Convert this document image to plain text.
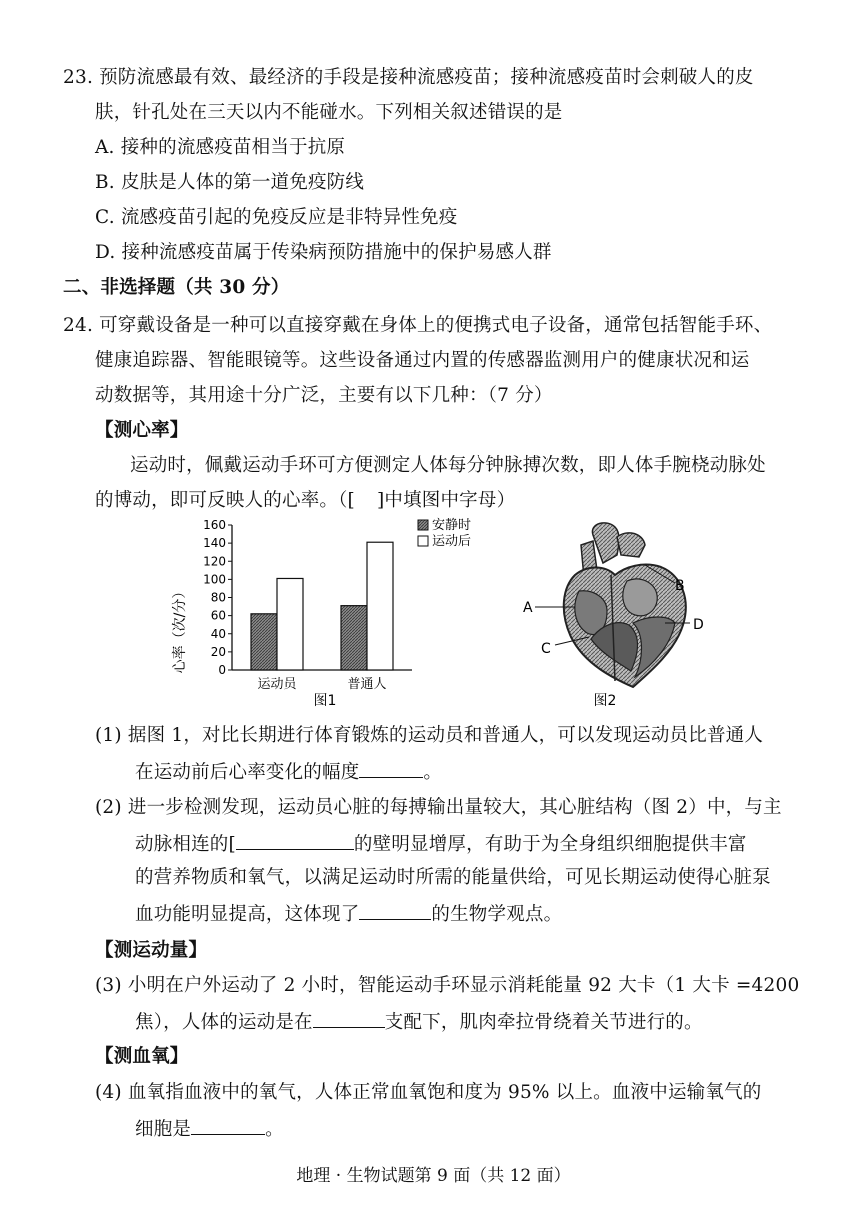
23. 预防流感最有效、最经济的手段是接种流感疫苗；接种流感疫苗时会刺破人的皮
肤，针孔处在三天以内不能碰水。下列相关叙述错误的是
A. 接种的流感疫苗相当于抗原
B. 皮肤是人体的第一道免疫防线
C. 流感疫苗引起的免疫反应是非特异性免疫
D. 接种流感疫苗属于传染病预防措施中的保护易感人群
二、非选择题（共 30 分）
24. 可穿戴设备是一种可以直接穿戴在身体上的便携式电子设备，通常包括智能手环、
健康追踪器、智能眼镜等。这些设备通过内置的传感器监测用户的健康状况和运
动数据等，其用途十分广泛，主要有以下几种：（7 分）
【测心率】
运动时，佩戴运动手环可方便测定人体每分钟脉搏次数，即人体手腕桡动脉处
的博动，即可反映人的心率。（[ ]中填图中字母）
0
20
40
60
80
100
120
140
160
运动员	普通人
安静时
运动后
心率（次/分）
图1
A
B
C
D
图2
(1) 据图 1，对比长期进行体育锻炼的运动员和普通人，可以发现运动员比普通人
在运动前后心率变化的幅度	。
(2) 进一步检测发现，运动员心脏的每搏输出量较大，其心脏结构（图 2）中，与主
动脉相连的[	的壁明显增厚，有助于为全身组织细胞提供丰富
的营养物质和氧气，以满足运动时所需的能量供给，可见长期运动使得心脏泵
血功能明显提高，这体现了	的生物学观点。
【测运动量】
(3) 小明在户外运动了 2 小时，智能运动手环显示消耗能量 92 大卡（1 大卡 =4200
焦），人体的运动是在	支配下，肌肉牵拉骨绕着关节进行的。
【测血氧】
(4) 血氧指血液中的氧气，人体正常血氧饱和度为 95% 以上。血液中运输氧气的
细胞是	。
地理 · 生物试题第 9 面（共 12 面）
